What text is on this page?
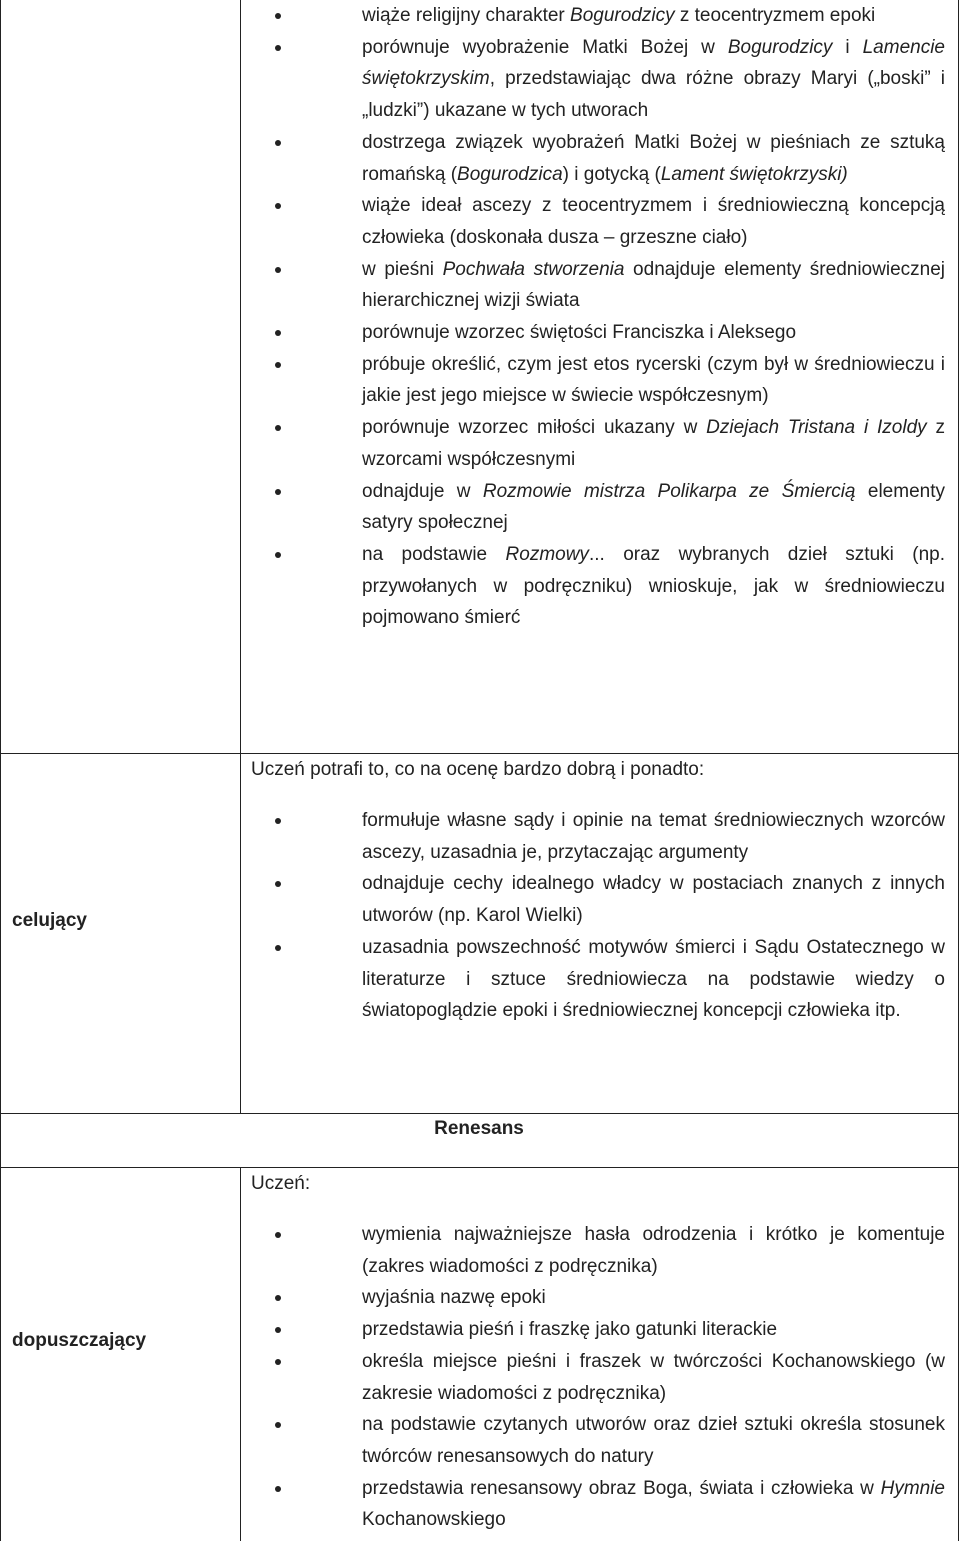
wiąże religijny charakter Bogurodzicy z teocentryzmem epoki
porównuje wyobrażenie Matki Bożej w Bogurodzicy i Lamencie świętokrzyskim, przedstawiając dwa różne obrazy Maryi („boski” i „ludzki”) ukazane w tych utworach
dostrzega związek wyobrażeń Matki Bożej w pieśniach ze sztuką romańską (Bogurodzica) i gotycką (Lament świętokrzyski)
wiąże ideał ascezy z teocentryzmem i średniowieczną koncepcją człowieka (doskonała dusza – grzeszne ciało)
w pieśni Pochwała stworzenia odnajduje elementy średniowiecznej hierarchicznej wizji świata
porównuje wzorzec świętości Franciszka i Aleksego
próbuje określić, czym jest etos rycerski (czym był w średniowieczu i jakie jest jego miejsce w świecie współczesnym)
porównuje wzorzec miłości ukazany w Dziejach Tristana i Izoldy z wzorcami współczesnymi
odnajduje w Rozmowie mistrza Polikarpa ze Śmiercią elementy satyry społecznej
na podstawie Rozmowy... oraz wybranych dzieł sztuki (np. przywołanych w podręczniku) wnioskuje, jak w średniowieczu pojmowano śmierć
celujący
Uczeń potrafi to, co na ocenę bardzo dobrą i ponadto:
formułuje własne sądy i opinie na temat średniowiecznych wzorców ascezy, uzasadnia je, przytaczając argumenty
odnajduje cechy idealnego władcy w postaciach znanych z innych utworów (np. Karol Wielki)
uzasadnia powszechność motywów śmierci i Sądu Ostatecznego w literaturze i sztuce średniowiecza na podstawie wiedzy o światopoglądzie epoki i średniowiecznej koncepcji człowieka itp.
Renesans
dopuszczający
Uczeń:
wymienia najważniejsze hasła odrodzenia i krótko je komentuje (zakres wiadomości z podręcznika)
wyjaśnia nazwę epoki
przedstawia pieśń i fraszkę jako gatunki literackie
określa miejsce pieśni i fraszek w twórczości Kochanowskiego (w zakresie wiadomości z podręcznika)
na podstawie czytanych utworów oraz dzieł sztuki określa stosunek twórców renesansowych do natury
przedstawia renesansowy obraz Boga, świata i człowieka w Hymnie Kochanowskiego
